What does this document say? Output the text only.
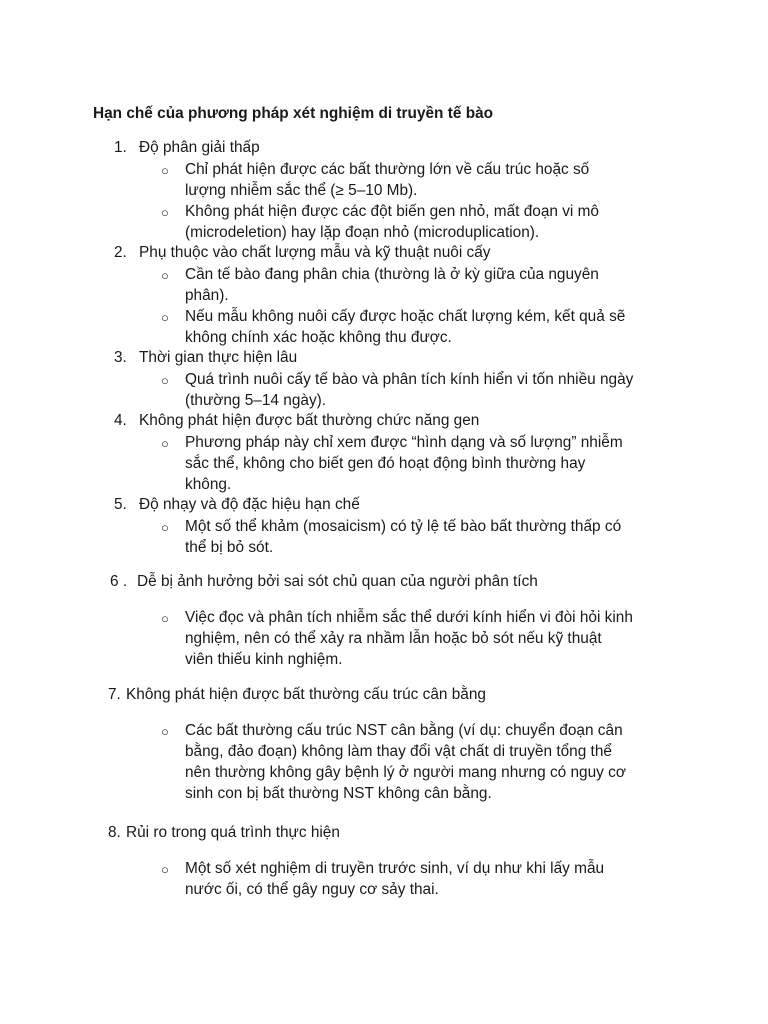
Hạn chế của phương pháp xét nghiệm di truyền tế bào
1. Độ phân giải thấp
○ Chỉ phát hiện được các bất thường lớn về cấu trúc hoặc số
lượng nhiễm sắc thể (≥ 5–10 Mb).
○ Không phát hiện được các đột biến gen nhỏ, mất đoạn vi mô
(microdeletion) hay lặp đoạn nhỏ (microduplication).
2. Phụ thuộc vào chất lượng mẫu và kỹ thuật nuôi cấy
○ Cần tế bào đang phân chia (thường là ở kỳ giữa của nguyên
phân).
○ Nếu mẫu không nuôi cấy được hoặc chất lượng kém, kết quả sẽ
không chính xác hoặc không thu được.
3. Thời gian thực hiện lâu
○ Quá trình nuôi cấy tế bào và phân tích kính hiển vi tốn nhiều ngày
(thường 5–14 ngày).
4. Không phát hiện được bất thường chức năng gen
○ Phương pháp này chỉ xem được “hình dạng và số lượng” nhiễm
sắc thể, không cho biết gen đó hoạt động bình thường hay
không.
5. Độ nhạy và độ đặc hiệu hạn chế
○ Một số thể khảm (mosaicism) có tỷ lệ tế bào bất thường thấp có
thể bị bỏ sót.
6 . Dễ bị ảnh hưởng bởi sai sót chủ quan của người phân tích
○ Việc đọc và phân tích nhiễm sắc thể dưới kính hiển vi đòi hỏi kinh
nghiệm, nên có thể xảy ra nhầm lẫn hoặc bỏ sót nếu kỹ thuật
viên thiếu kinh nghiệm.
7. Không phát hiện được bất thường cấu trúc cân bằng
○ Các bất thường cấu trúc NST cân bằng (ví dụ: chuyển đoạn cân
bằng, đảo đoạn) không làm thay đổi vật chất di truyền tổng thể
nên thường không gây bệnh lý ở người mang nhưng có nguy cơ
sinh con bị bất thường NST không cân bằng.
8. Rủi ro trong quá trình thực hiện
○ Một số xét nghiệm di truyền trước sinh, ví dụ như khi lấy mẫu
nước ối, có thể gây nguy cơ sảy thai.
